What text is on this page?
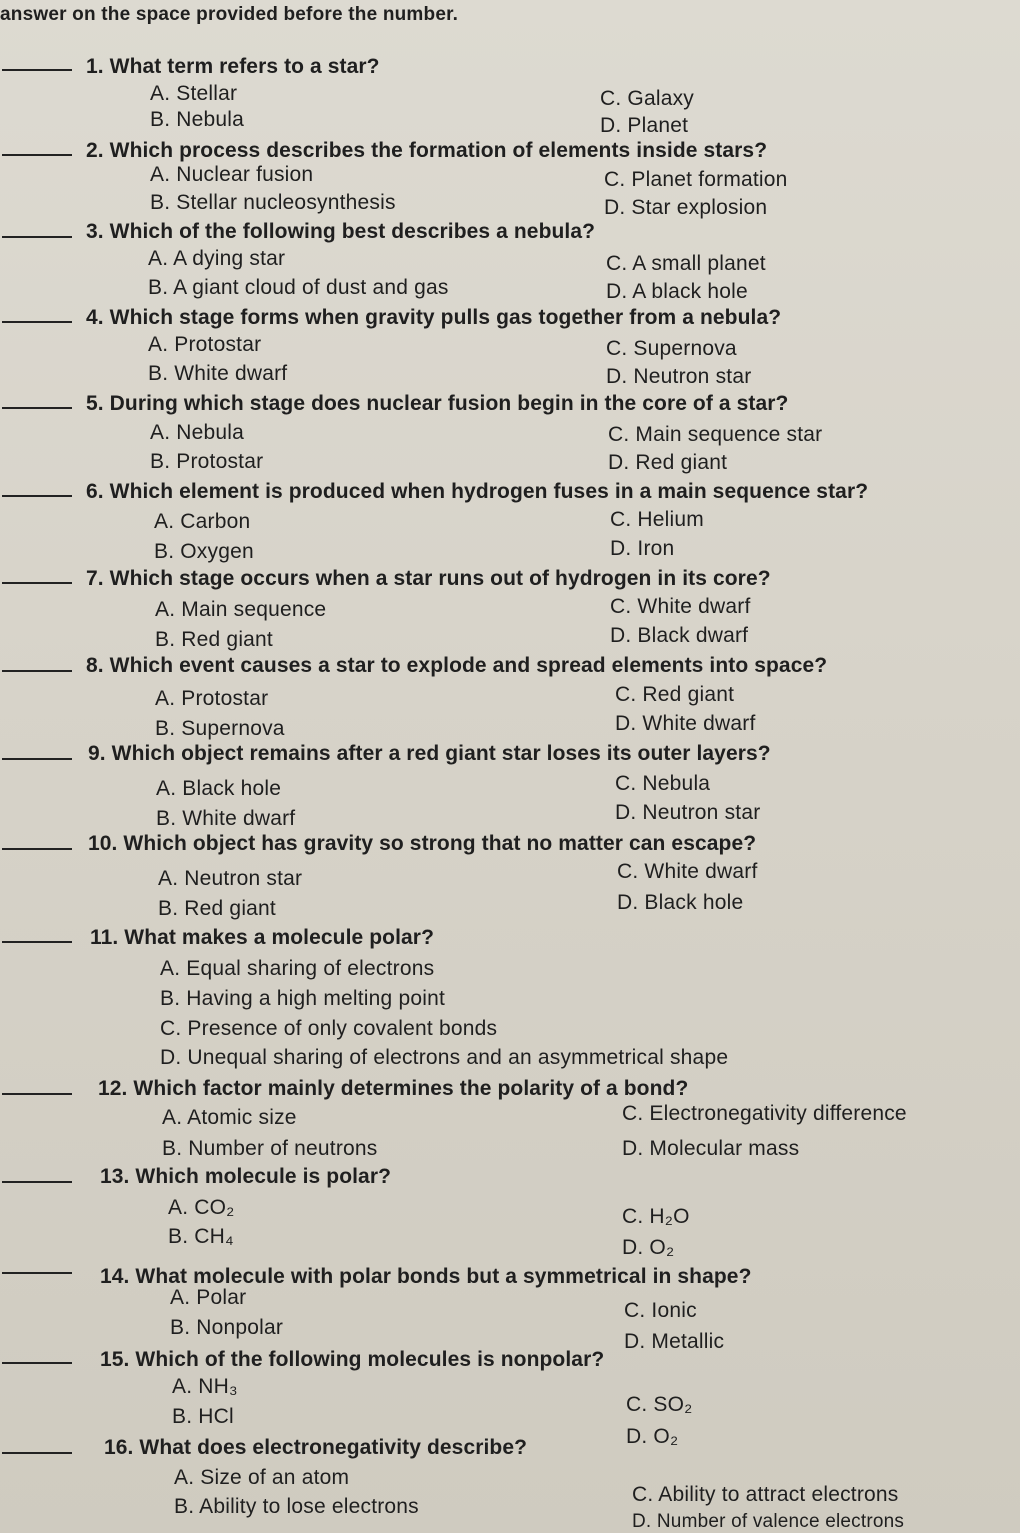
answer on the space provided before the number.
1. What term refers to a star?
A. Stellar
B. Nebula
C. Galaxy
D. Planet
2. Which process describes the formation of elements inside stars?
A. Nuclear fusion
B. Stellar nucleosynthesis
C. Planet formation
D. Star explosion
3. Which of the following best describes a nebula?
A. A dying star
B. A giant cloud of dust and gas
C. A small planet
D. A black hole
4. Which stage forms when gravity pulls gas together from a nebula?
A. Protostar
B. White dwarf
C. Supernova
D. Neutron star
5. During which stage does nuclear fusion begin in the core of a star?
A. Nebula
B. Protostar
C. Main sequence star
D. Red giant
6. Which element is produced when hydrogen fuses in a main sequence star?
A. Carbon
B. Oxygen
C. Helium
D. Iron
7. Which stage occurs when a star runs out of hydrogen in its core?
A. Main sequence
B. Red giant
C. White dwarf
D. Black dwarf
8. Which event causes a star to explode and spread elements into space?
A. Protostar
B. Supernova
C. Red giant
D. White dwarf
9. Which object remains after a red giant star loses its outer layers?
A. Black hole
B. White dwarf
C. Nebula
D. Neutron star
10. Which object has gravity so strong that no matter can escape?
A. Neutron star
B. Red giant
C. White dwarf
D. Black hole
11. What makes a molecule polar?
A. Equal sharing of electrons
B. Having a high melting point
C. Presence of only covalent bonds
D. Unequal sharing of electrons and an asymmetrical shape
12. Which factor mainly determines the polarity of a bond?
A. Atomic size
B. Number of neutrons
C. Electronegativity difference
D. Molecular mass
13. Which molecule is polar?
A. CO₂
B. CH₄
C. H₂O
D. O₂
14. What molecule with polar bonds but a symmetrical in shape?
A. Polar
B. Nonpolar
C. Ionic
D. Metallic
15. Which of the following molecules is nonpolar?
A. NH₃
B. HCl
C. SO₂
D. O₂
16. What does electronegativity describe?
A. Size of an atom
B. Ability to lose electrons
C. Ability to attract electrons
D. Number of valence electrons
